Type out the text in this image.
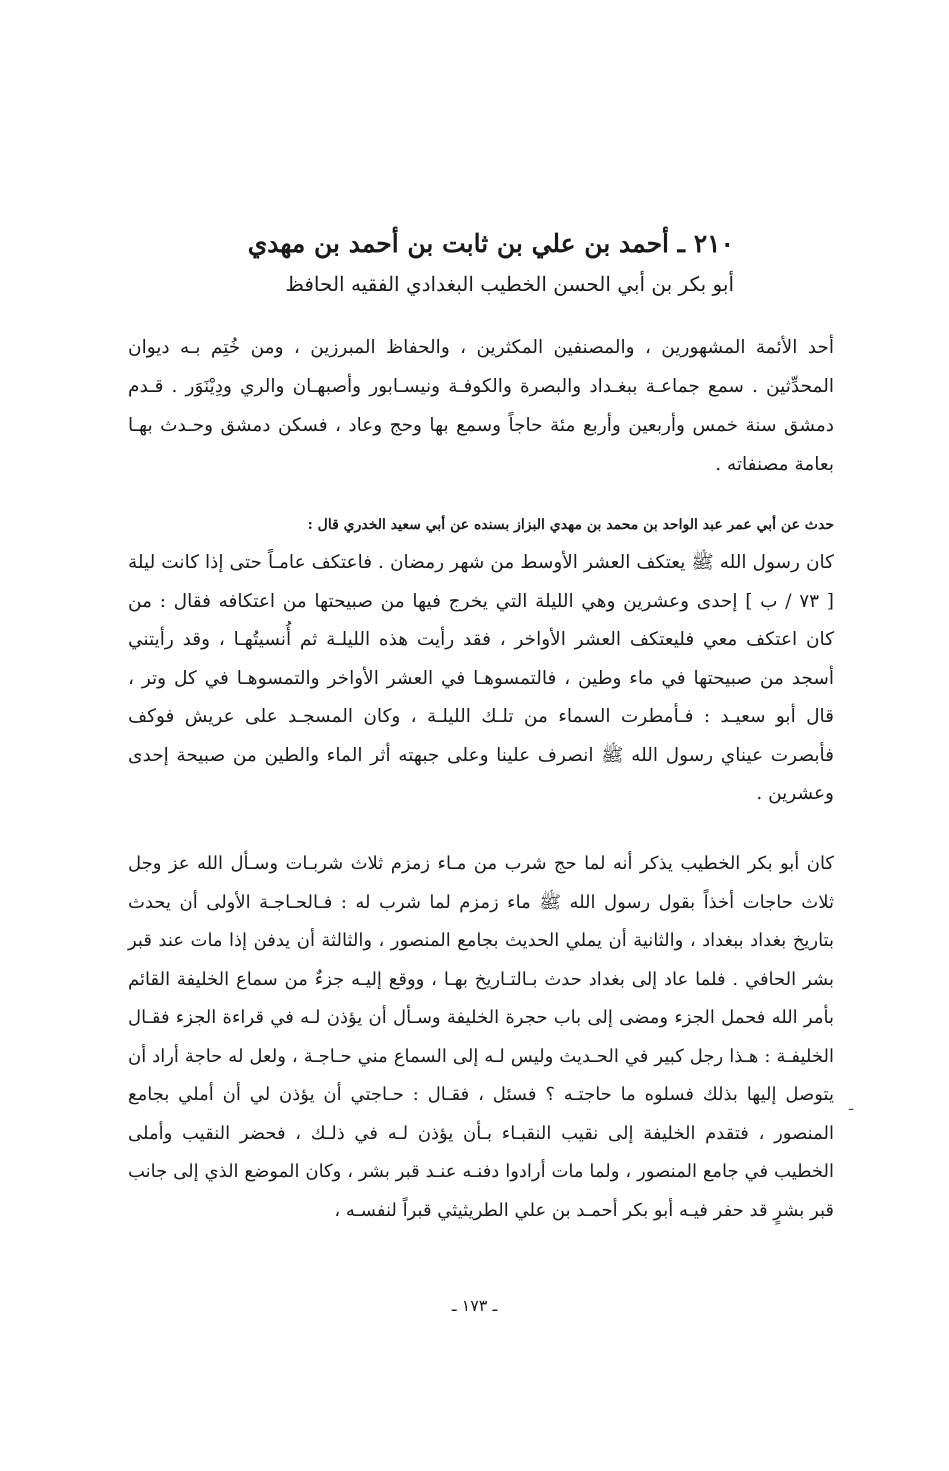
٢١٠ ـ أحمد بن علي بن ثابت بن أحمد بن مهدي
أبو بكر بن أبي الحسن الخطيب البغدادي الفقيه الحافظ

أحد الأئمة المشهورين ، والمصنفين المكثرين ، والحفاظ المبرزين ، ومن خُتِم بـه ديوان المحدِّثين . سمع جماعـة ببغـداد والبصرة والكوفـة ونيسـابور وأصبهـان والري ودِيْنَوَر . قـدم دمشق سنة خمس وأربعين وأربع مئة حاجاً وسمع بها وحج وعاد ، فسكن دمشق وحـدث بهـا بعامة مصنفاته .

حدث عن أبي عمر عبد الواحد بن محمد بن مهدي البزاز بسنده عن أبي سعيد الخدري قال :

كان رسول الله ﷺ يعتكف العشر الأوسط من شهر رمضان . فاعتكف عامـاً حتى إذا كانت ليلة [ ٧٣ / ب ] إحدى وعشرين وهي الليلة التي يخرج فيها من صبيحتها من اعتكافه فقال : من كان اعتكف معي فليعتكف العشر الأواخر ، فقد رأيت هذه الليلـة ثم أُنسيتُهـا ، وقد رأيتني أسجد من صبيحتها في ماء وطين ، فالتمسوهـا في العشر الأواخر والتمسوهـا في كل وتر ، قال أبو سعيـد : فـأمطرت السماء من تلـك الليلـة ، وكان المسجـد على عريش فوكف فأبصرت عيناي رسول الله ﷺ انصرف علينا وعلى جبهته أثر الماء والطين من صبيحة إحدى وعشرين .

كان أبو بكر الخطيب يذكر أنه لما حج شرب من مـاء زمزم ثلاث شربـات وسـأل الله عز وجل ثلاث حاجات أخذاً بقول رسول الله ﷺ ماء زمزم لما شرب له : فـالحـاجـة الأولى أن يحدث بتاريخ بغداد ببغداد ، والثانية أن يملي الحديث بجامع المنصور ، والثالثة أن يدفن إذا مات عند قبر بشر الحافي . فلما عاد إلى بغداد حدث بـالتـاريخ بهـا ، ووقع إليـه جزءٌ من سماع الخليفة القائم بأمر الله فحمل الجزء ومضى إلى باب حجرة الخليفة وسـأل أن يؤذن لـه في قراءة الجزء فقـال الخليفـة : هـذا رجل كبير في الحـديث وليس لـه إلى السماع مني حـاجـة ، ولعل له حاجة أراد أن يتوصل إليها بذلك فسلوه ما حاجتـه ؟ فسئل ، فقـال : حـاجتي أن يؤذن لي أن أملي بجامع المنصور ، فتقدم الخليفة إلى نقيب النقبـاء بـأن يؤذن لـه في ذلـك ، فحضر النقيب وأملى الخطيب في جامع المنصور ، ولما مات أرادوا دفنـه عنـد قبر بشر ، وكان الموضع الذي إلى جانب قبر بشرٍ قد حفر فيـه أبو بكر أحمـد بن علي الطريثيثي قبراً لنفسـه ،

ـ
ـ ١٧٣ ـ
